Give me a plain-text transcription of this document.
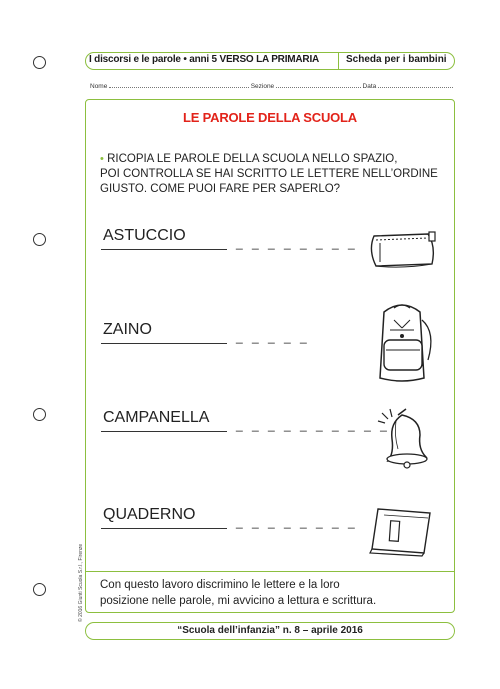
I discorsi e le parole • anni 5 VERSO LA PRIMARIA	Scheda per i bambini
Nome	Sezione	Data
LE PAROLE DELLA SCUOLA
• RICOPIA LE PAROLE DELLA SCUOLA NELLO SPAZIO,
POI CONTROLLA SE HAI SCRITTO LE LETTERE NELL’ORDINE
GIUSTO. COME PUOI FARE PER SAPERLO?
ASTUCCIO	_ _ _ _ _ _ _ _
ZAINO	_ _ _ _ _
CAMPANELLA _ _ _ _ _ _ _ _ _ _
QUADERNO	_ _ _ _ _ _ _ _
Con questo lavoro discrimino le lettere e la loro
posizione nelle parole, mi avvicino a lettura e scrittura.
“Scuola dell’infanzia” n. 8 – aprile 2016
© 2016 Giunti Scuola S.r.l., Firenze
